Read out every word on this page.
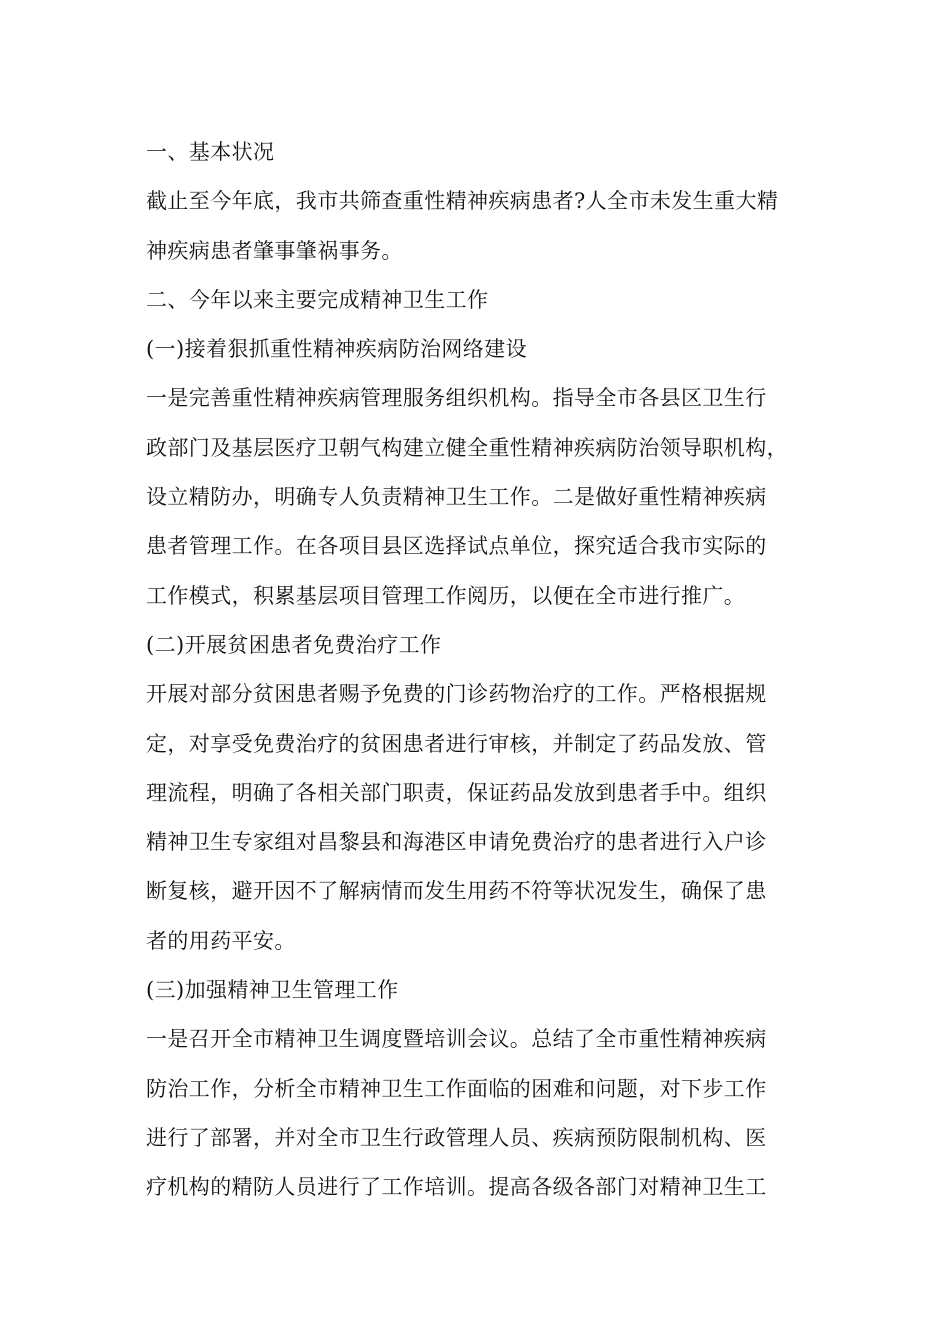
一、基本状况
截止至今年底，我市共筛查重性精神疾病患者?人全市未发生重大精
神疾病患者肇事肇祸事务。
二、今年以来主要完成精神卫生工作
(一)接着狠抓重性精神疾病防治网络建设
一是完善重性精神疾病管理服务组织机构。指导全市各县区卫生行
政部门及基层医疗卫朝气构建立健全重性精神疾病防治领导职机构，
设立精防办，明确专人负责精神卫生工作。二是做好重性精神疾病
患者管理工作。在各项目县区选择试点单位，探究适合我市实际的
工作模式，积累基层项目管理工作阅历，以便在全市进行推广。
(二)开展贫困患者免费治疗工作
开展对部分贫困患者赐予免费的门诊药物治疗的工作。严格根据规
定，对享受免费治疗的贫困患者进行审核，并制定了药品发放、管
理流程，明确了各相关部门职责，保证药品发放到患者手中。组织
精神卫生专家组对昌黎县和海港区申请免费治疗的患者进行入户诊
断复核，避开因不了解病情而发生用药不符等状况发生，确保了患
者的用药平安。
(三)加强精神卫生管理工作
一是召开全市精神卫生调度暨培训会议。总结了全市重性精神疾病
防治工作，分析全市精神卫生工作面临的困难和问题，对下步工作
进行了部署，并对全市卫生行政管理人员、疾病预防限制机构、医
疗机构的精防人员进行了工作培训。提高各级各部门对精神卫生工
